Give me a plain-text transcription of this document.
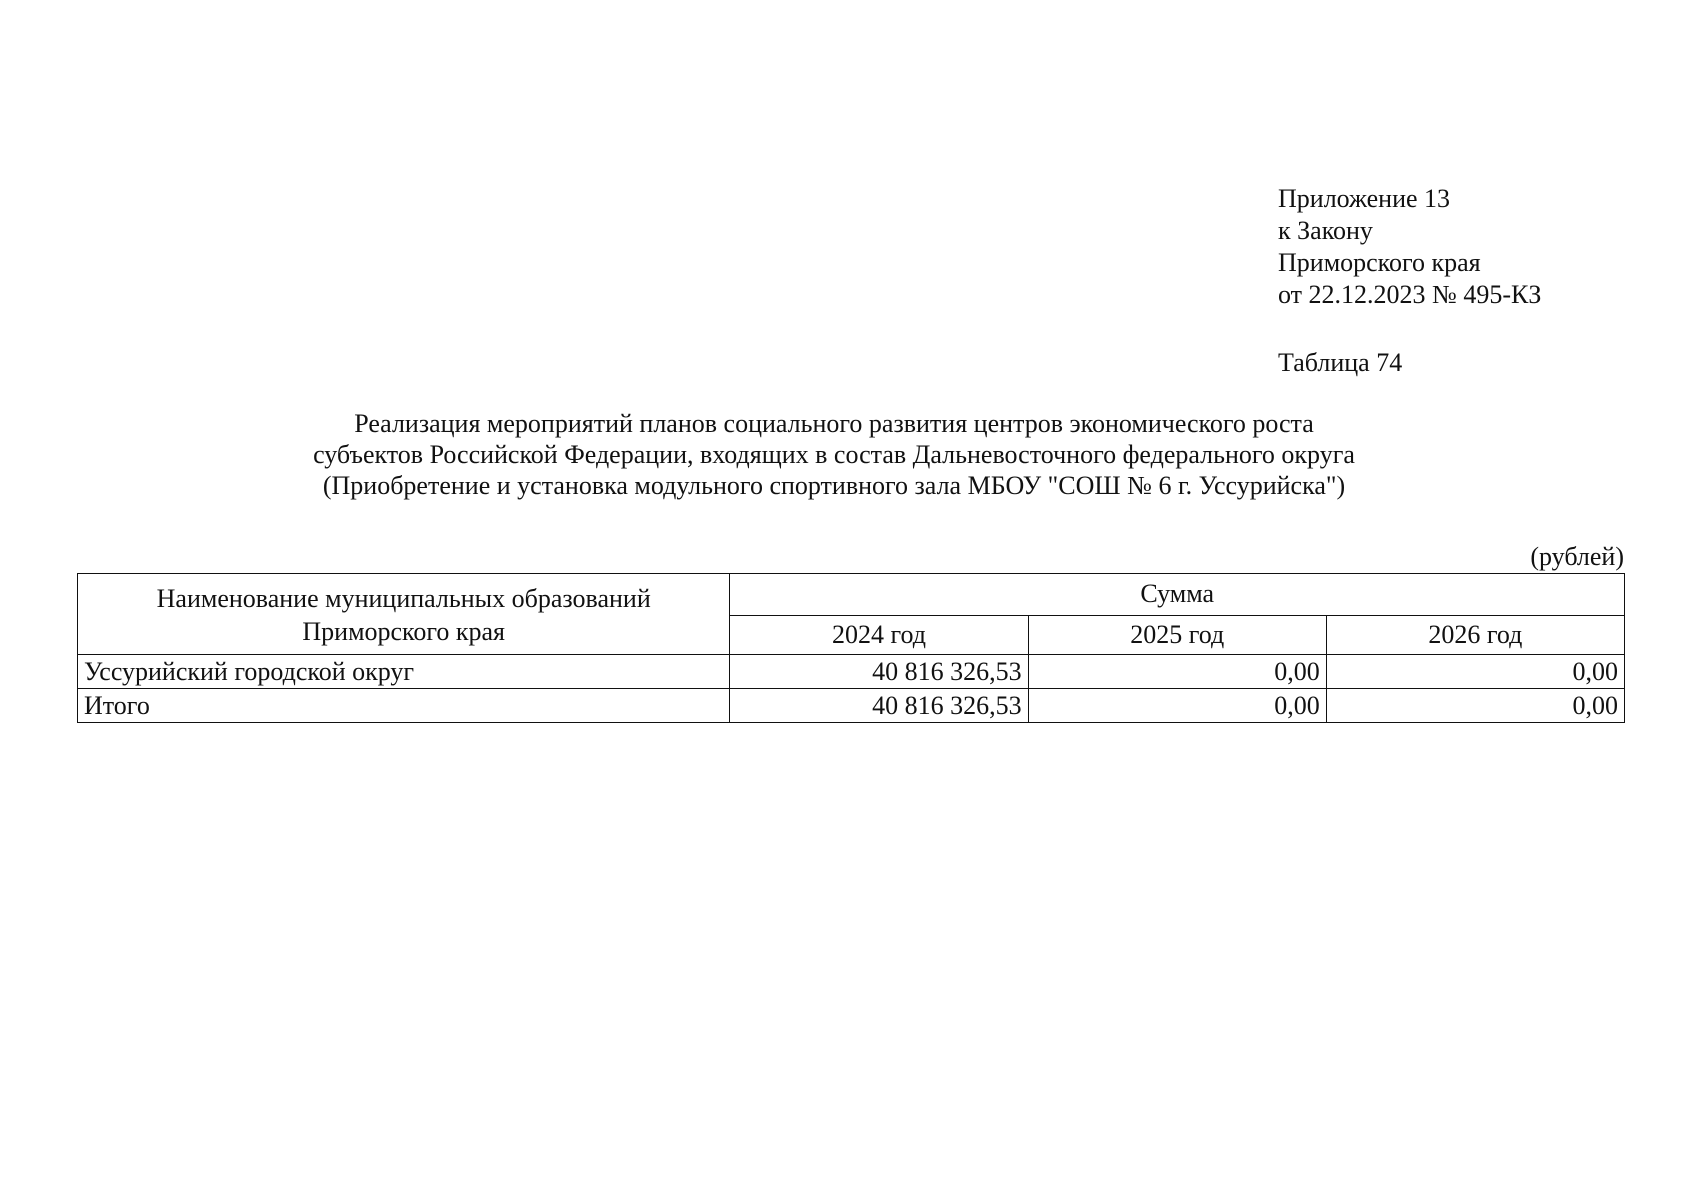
Приложение 13
к Закону
Приморского края
от 22.12.2023 № 495-КЗ
Таблица 74
Реализация мероприятий планов социального развития центров экономического роста
субъектов Российской Федерации, входящих в состав Дальневосточного федерального округа
(Приобретение и установка модульного спортивного зала МБОУ "СОШ № 6 г. Уссурийска")
(рублей)
Наименование муниципальных образований Приморского края	Сумма		
	2024 год	2025 год	2026 год
Уссурийский городской округ	40 816 326,53	0,00	0,00
Итого	40 816 326,53	0,00	0,00
